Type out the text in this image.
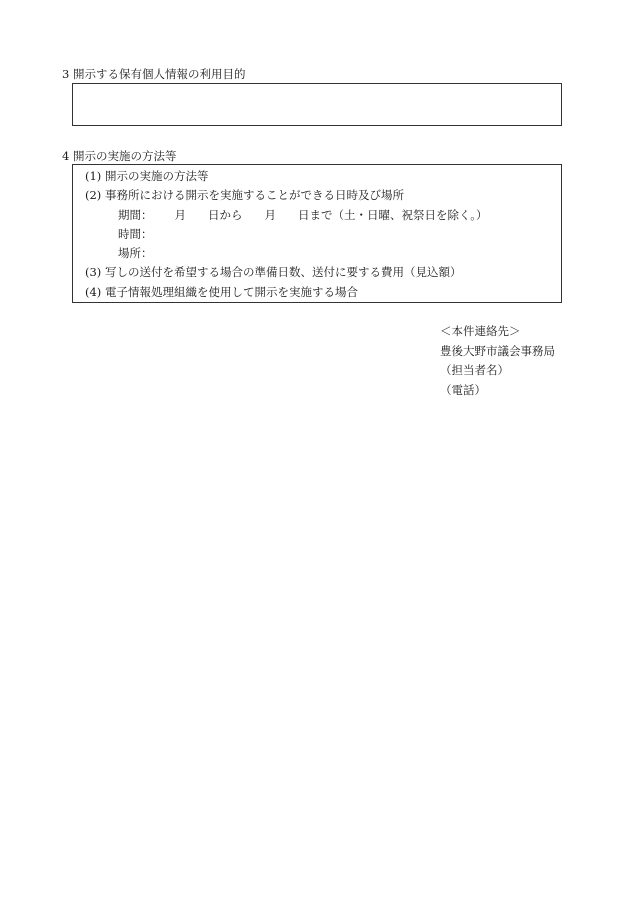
3 開示する保有個人情報の利用目的
4 開示の実施の方法等
(1) 開示の実施の方法等
(2) 事務所における開示を実施することができる日時及び場所
期間： 月 日から 月 日まで（土・日曜、祝祭日を除く。）
時間：
場所：
(3) 写しの送付を希望する場合の準備日数、送付に要する費用（見込額）
(4) 電子情報処理組織を使用して開示を実施する場合
＜本件連絡先＞
豊後大野市議会事務局
（担当者名）
（電話）
